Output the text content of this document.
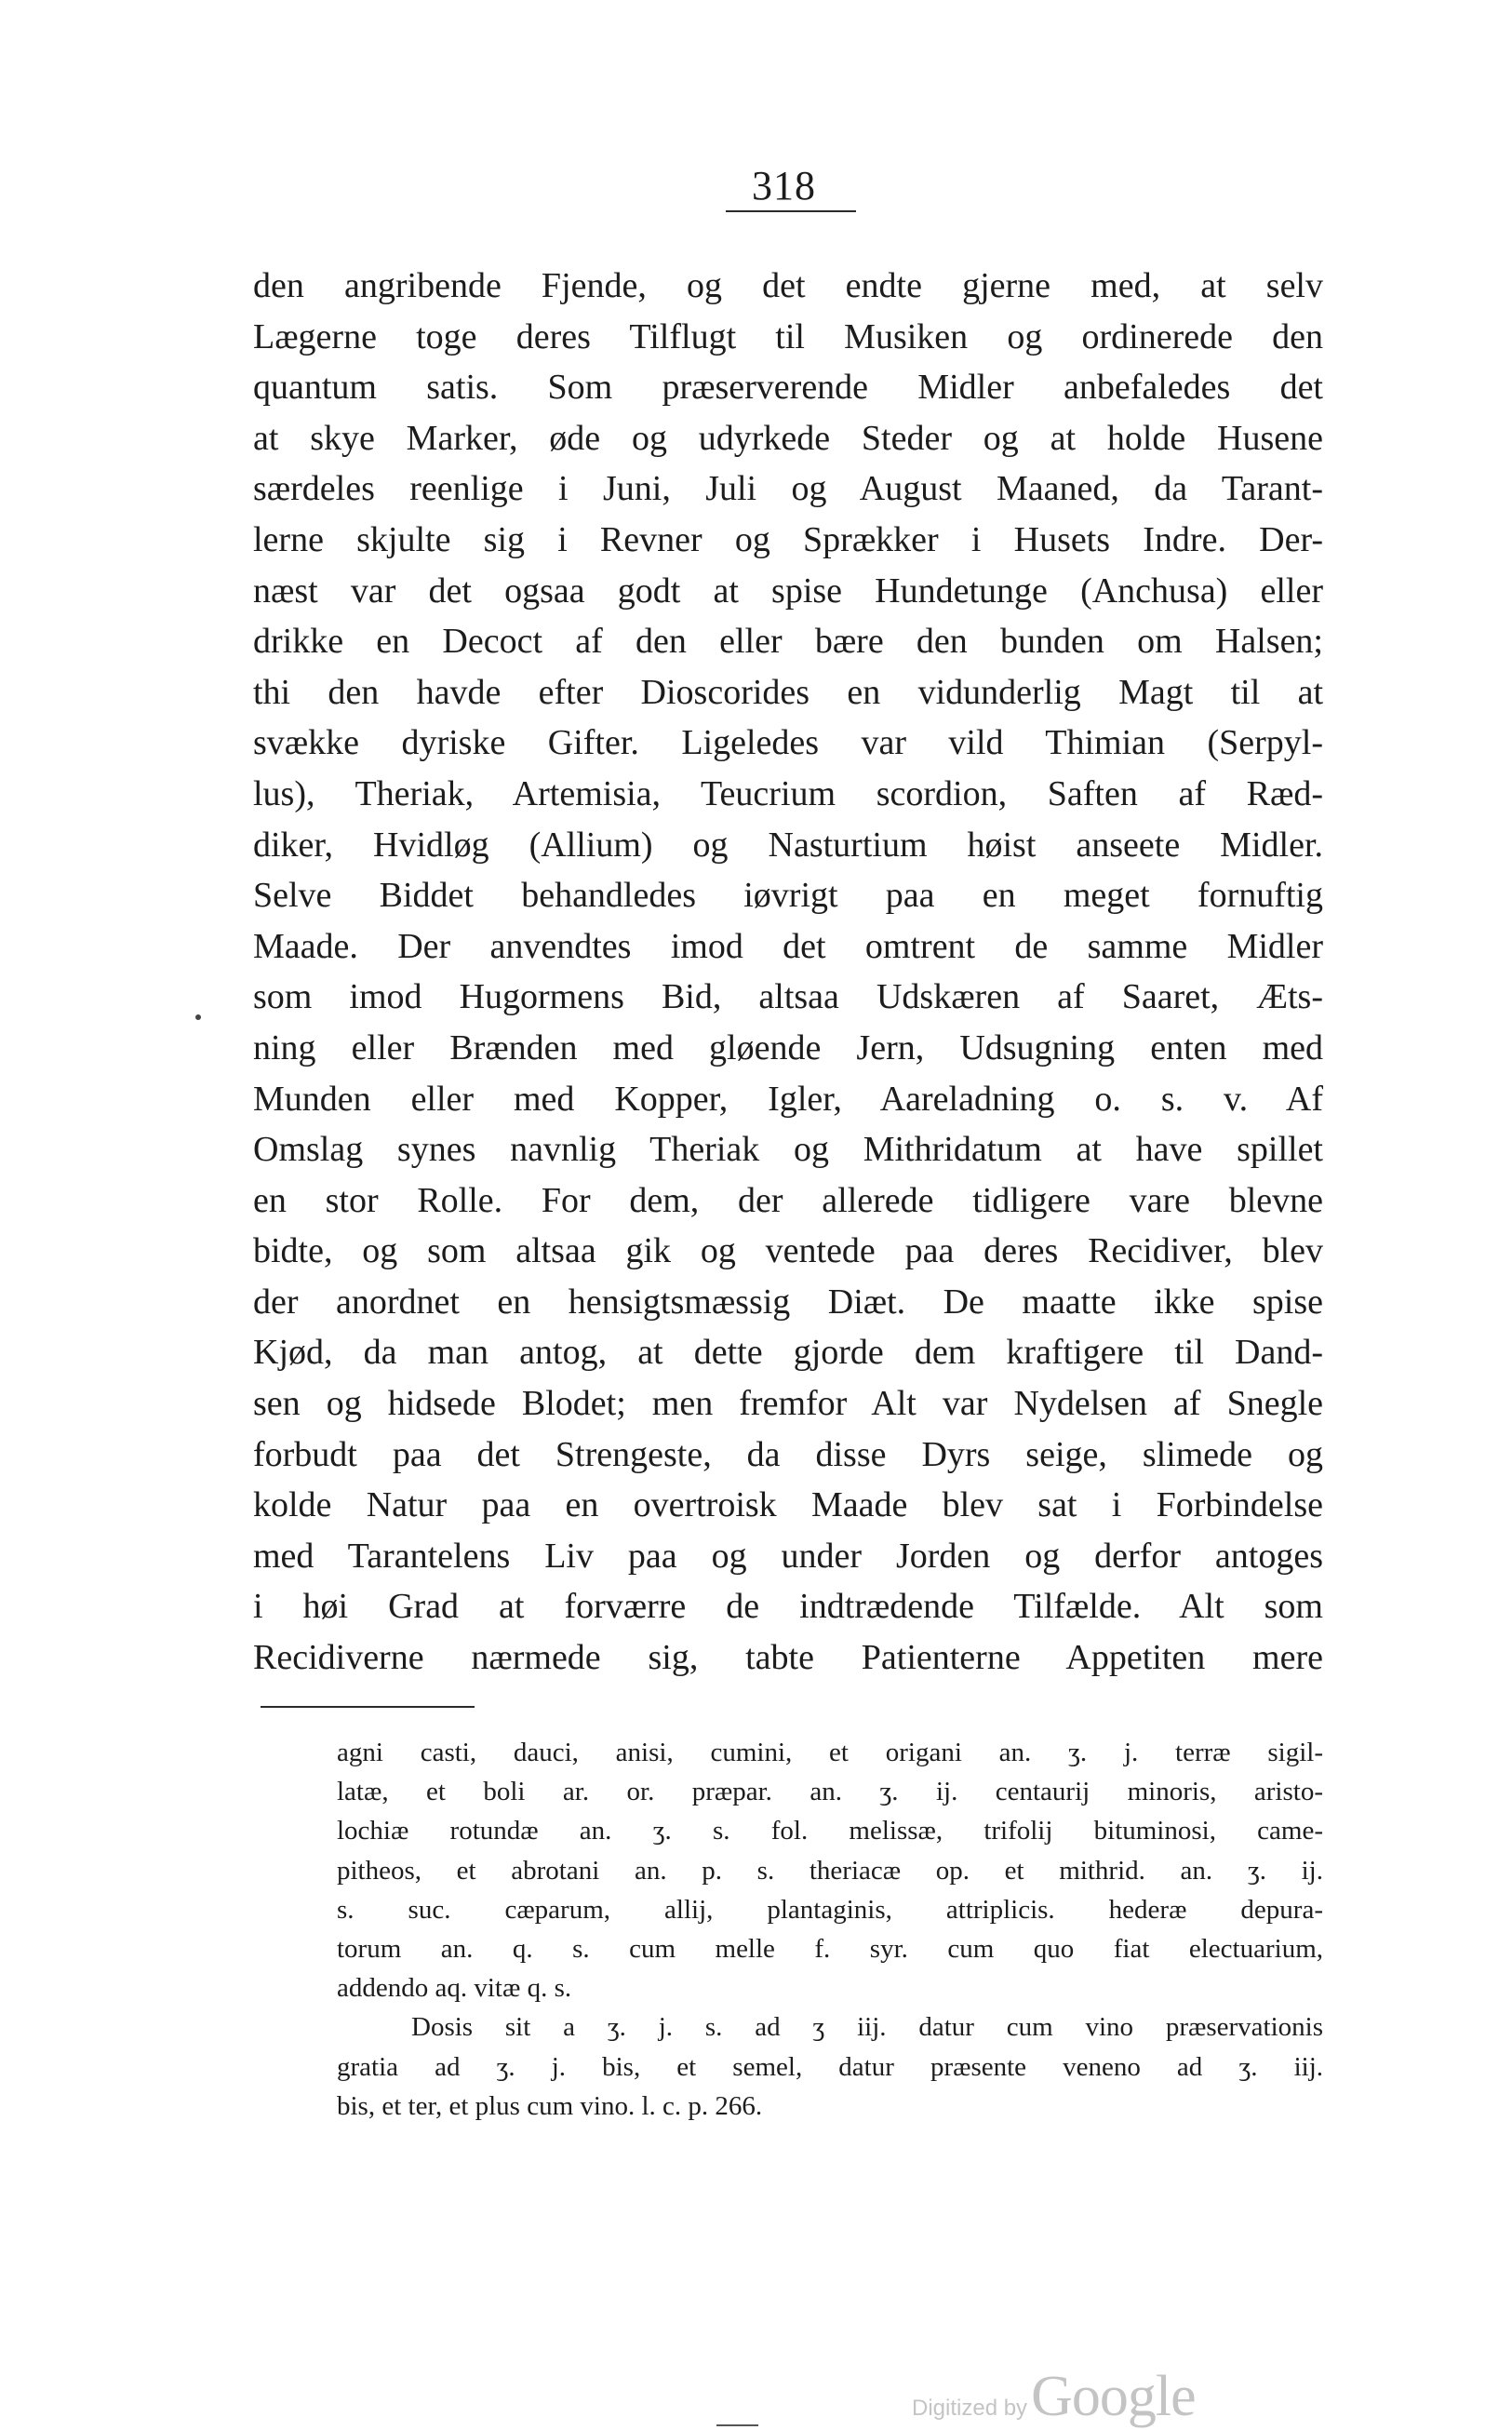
318
den angribende Fjende, og det endte gjerne med, at selv
Lægerne toge deres Tilflugt til Musiken og ordinerede den
quantum satis. Som præserverende Midler anbefaledes det
at skye Marker, øde og udyrkede Steder og at holde Husene
særdeles reenlige i Juni, Juli og August Maaned, da Tarant-
lerne skjulte sig i Revner og Sprækker i Husets Indre. Der-
næst var det ogsaa godt at spise Hundetunge (Anchusa) eller
drikke en Decoct af den eller bære den bunden om Halsen;
thi den havde efter Dioscorides en vidunderlig Magt til at
svække dyriske Gifter. Ligeledes var vild Thimian (Serpyl-
lus), Theriak, Artemisia, Teucrium scordion, Saften af Ræd-
diker, Hvidløg (Allium) og Nasturtium høist anseete Midler.
Selve Biddet behandledes iøvrigt paa en meget fornuftig
Maade. Der anvendtes imod det omtrent de samme Midler
som imod Hugormens Bid, altsaa Udskæren af Saaret, Æts-
ning eller Brænden med gløende Jern, Udsugning enten med
Munden eller med Kopper, Igler, Aareladning o. s. v. Af
Omslag synes navnlig Theriak og Mithridatum at have spillet
en stor Rolle. For dem, der allerede tidligere vare blevne
bidte, og som altsaa gik og ventede paa deres Recidiver, blev
der anordnet en hensigtsmæssig Diæt. De maatte ikke spise
Kjød, da man antog, at dette gjorde dem kraftigere til Dand-
sen og hidsede Blodet; men fremfor Alt var Nydelsen af Snegle
forbudt paa det Strengeste, da disse Dyrs seige, slimede og
kolde Natur paa en overtroisk Maade blev sat i Forbindelse
med Tarantelens Liv paa og under Jorden og derfor antoges
i høi Grad at forværre de indtrædende Tilfælde. Alt som
Recidiverne nærmede sig, tabte Patienterne Appetiten mere
agni casti, dauci, anisi, cumini, et origani an. ʒ. j. terræ sigil-
latæ, et boli ar. or. præpar. an. ʒ. ij. centaurij minoris, aristo-
lochiæ rotundæ an. ʒ. s. fol. melissæ, trifolij bituminosi, came-
pitheos, et abrotani an. p. s. theriacæ op. et mithrid. an. ʒ. ij.
s. suc. cæparum, allij, plantaginis, attriplicis. hederæ depura-
torum an. q. s. cum melle f. syr. cum quo fiat electuarium,
addendo aq. vitæ q. s.
Dosis sit a ʒ. j. s. ad ʒ iij. datur cum vino præservationis
gratia ad ʒ. j. bis, et semel, datur præsente veneno ad ʒ. iij.
bis, et ter, et plus cum vino. l. c. p. 266.
Digitized by Google
